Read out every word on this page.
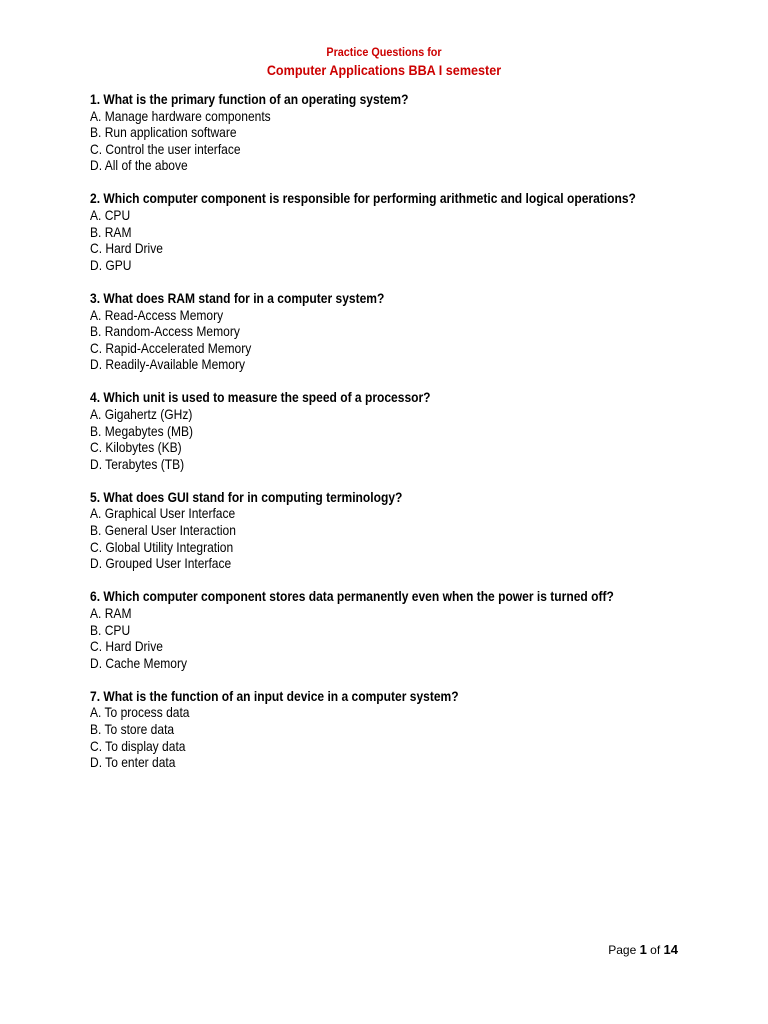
Practice Questions for
Computer Applications BBA I semester
1. What is the primary function of an operating system?
A. Manage hardware components
B. Run application software
C. Control the user interface
D. All of the above
2. Which computer component is responsible for performing arithmetic and logical operations?
A. CPU
B. RAM
C. Hard Drive
D. GPU
3. What does RAM stand for in a computer system?
A. Read-Access Memory
B. Random-Access Memory
C. Rapid-Accelerated Memory
D. Readily-Available Memory
4. Which unit is used to measure the speed of a processor?
A. Gigahertz (GHz)
B. Megabytes (MB)
C. Kilobytes (KB)
D. Terabytes (TB)
5. What does GUI stand for in computing terminology?
A. Graphical User Interface
B. General User Interaction
C. Global Utility Integration
D. Grouped User Interface
6. Which computer component stores data permanently even when the power is turned off?
A. RAM
B. CPU
C. Hard Drive
D. Cache Memory
7. What is the function of an input device in a computer system?
A. To process data
B. To store data
C. To display data
D. To enter data
Page 1 of 14
